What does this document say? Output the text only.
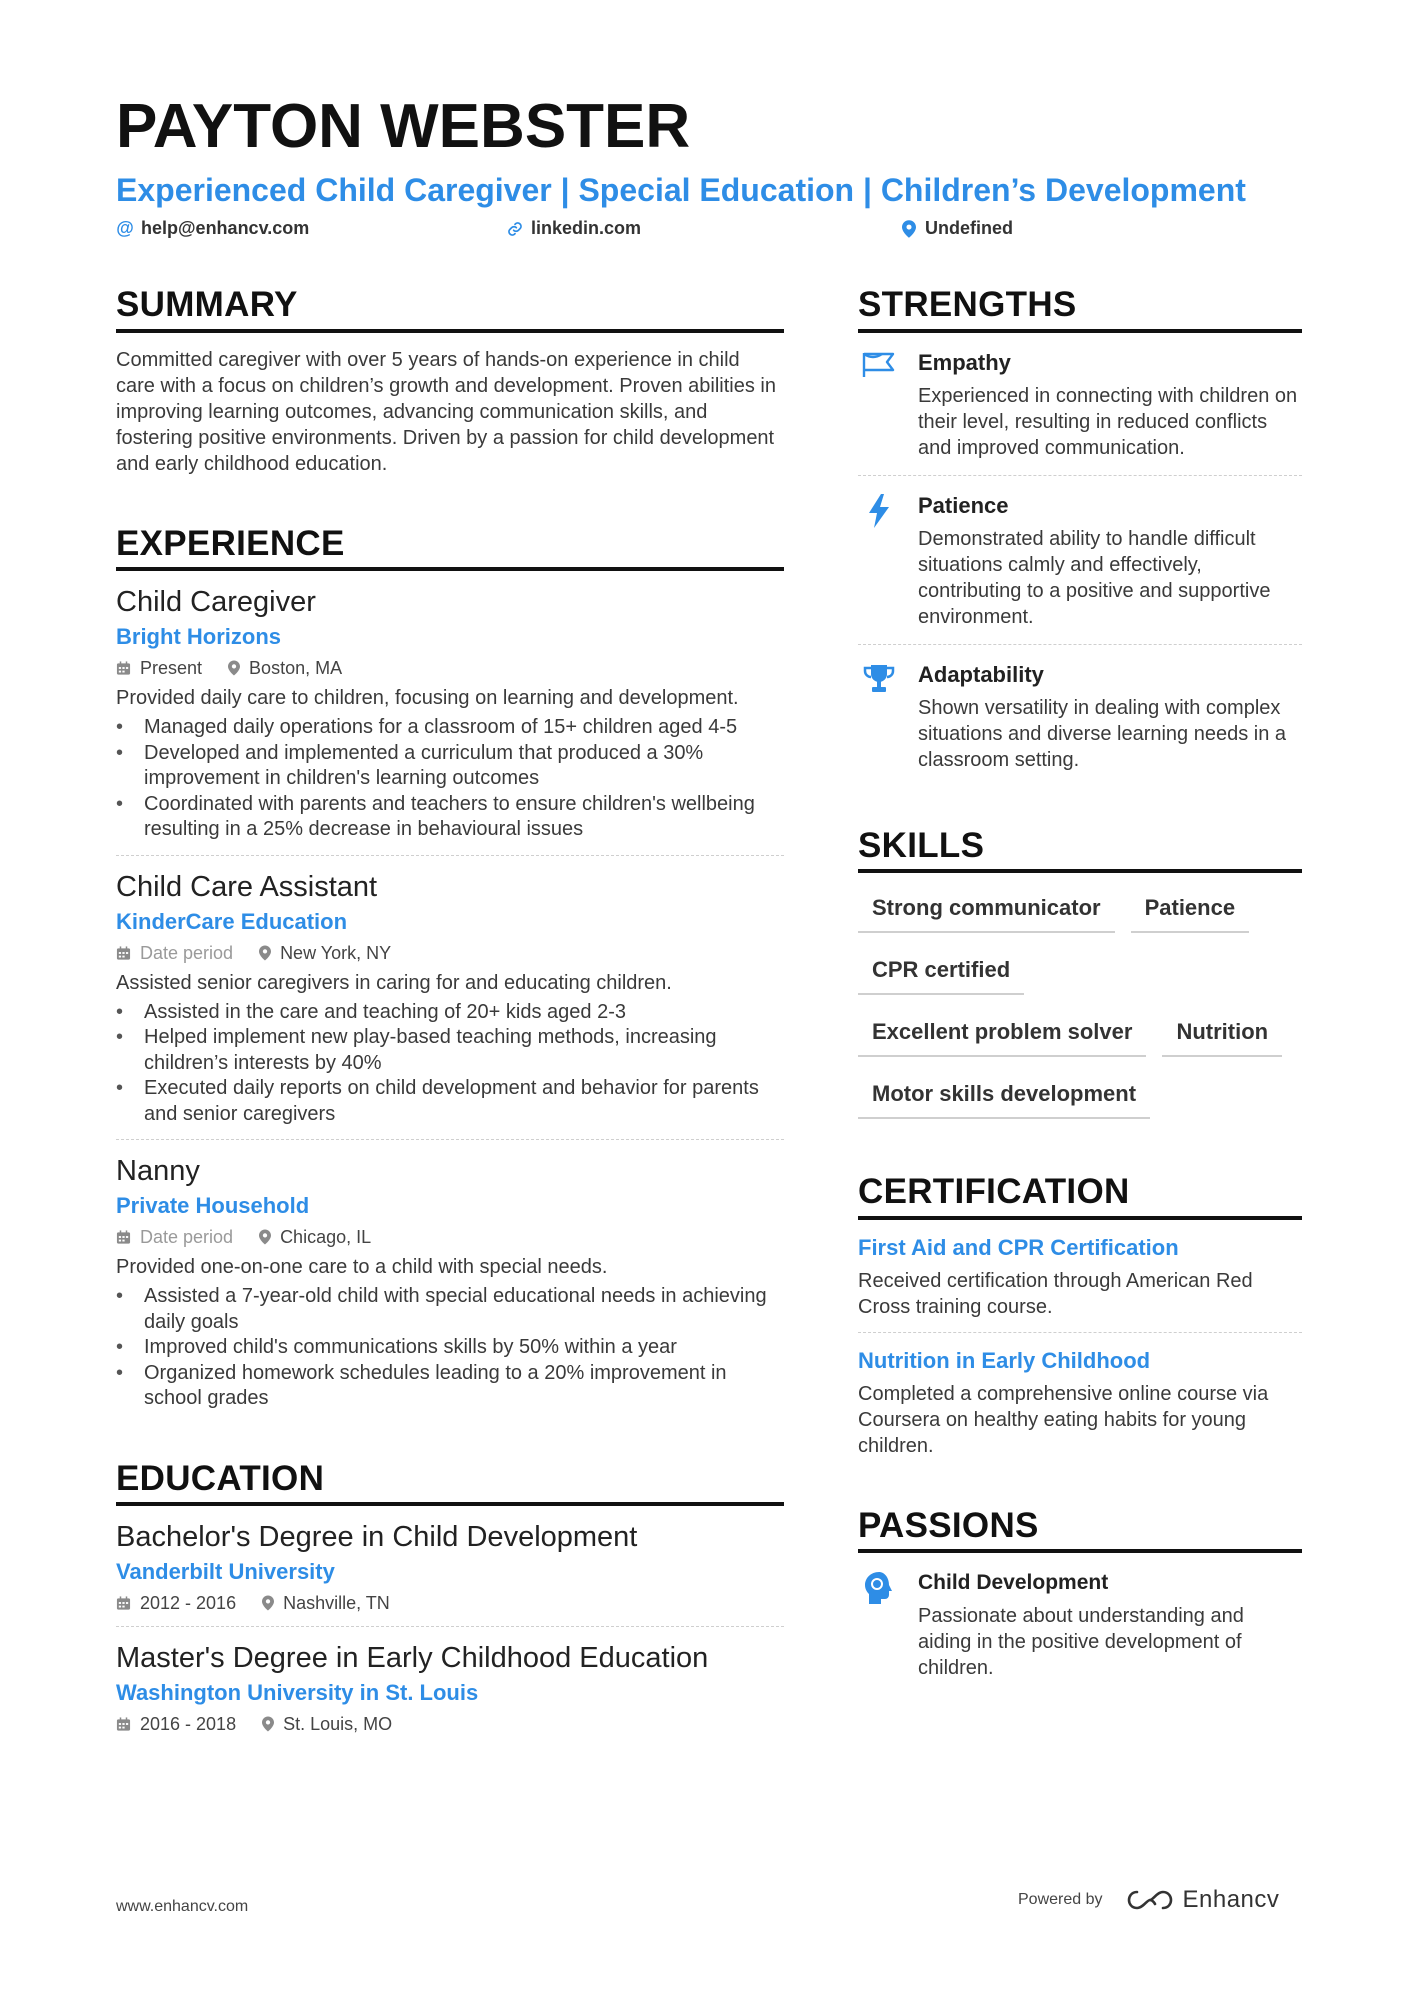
PAYTON WEBSTER
Experienced Child Caregiver | Special Education | Children’s Development
@ help@enhancv.com	linkedin.com	Undefined
SUMMARY
Committed caregiver with over 5 years of hands-on experience in child care with a focus on children’s growth and development. Proven abilities in improving learning outcomes, advancing communication skills, and fostering positive environments. Driven by a passion for child development and early childhood education.
EXPERIENCE
Child Caregiver
Bright Horizons
Present	Boston, MA
Provided daily care to children, focusing on learning and development.
• Managed daily operations for a classroom of 15+ children aged 4-5
• Developed and implemented a curriculum that produced a 30% improvement in children's learning outcomes
• Coordinated with parents and teachers to ensure children's wellbeing resulting in a 25% decrease in behavioural issues
Child Care Assistant
KinderCare Education
Date period	New York, NY
Assisted senior caregivers in caring for and educating children.
• Assisted in the care and teaching of 20+ kids aged 2-3
• Helped implement new play-based teaching methods, increasing children’s interests by 40%
• Executed daily reports on child development and behavior for parents and senior caregivers
Nanny
Private Household
Date period	Chicago, IL
Provided one-on-one care to a child with special needs.
• Assisted a 7-year-old child with special educational needs in achieving daily goals
• Improved child's communications skills by 50% within a year
• Organized homework schedules leading to a 20% improvement in school grades
EDUCATION
Bachelor's Degree in Child Development
Vanderbilt University
2012 - 2016	Nashville, TN
Master's Degree in Early Childhood Education
Washington University in St. Louis
2016 - 2018	St. Louis, MO
STRENGTHS
Empathy
Experienced in connecting with children on their level, resulting in reduced conflicts and improved communication.
Patience
Demonstrated ability to handle difficult situations calmly and effectively, contributing to a positive and supportive environment.
Adaptability
Shown versatility in dealing with complex situations and diverse learning needs in a classroom setting.
SKILLS
Strong communicator	Patience
CPR certified
Excellent problem solver	Nutrition
Motor skills development
CERTIFICATION
First Aid and CPR Certification
Received certification through American Red Cross training course.
Nutrition in Early Childhood
Completed a comprehensive online course via Coursera on healthy eating habits for young children.
PASSIONS
Child Development
Passionate about understanding and aiding in the positive development of children.
www.enhancv.com	Powered by	Enhancv
